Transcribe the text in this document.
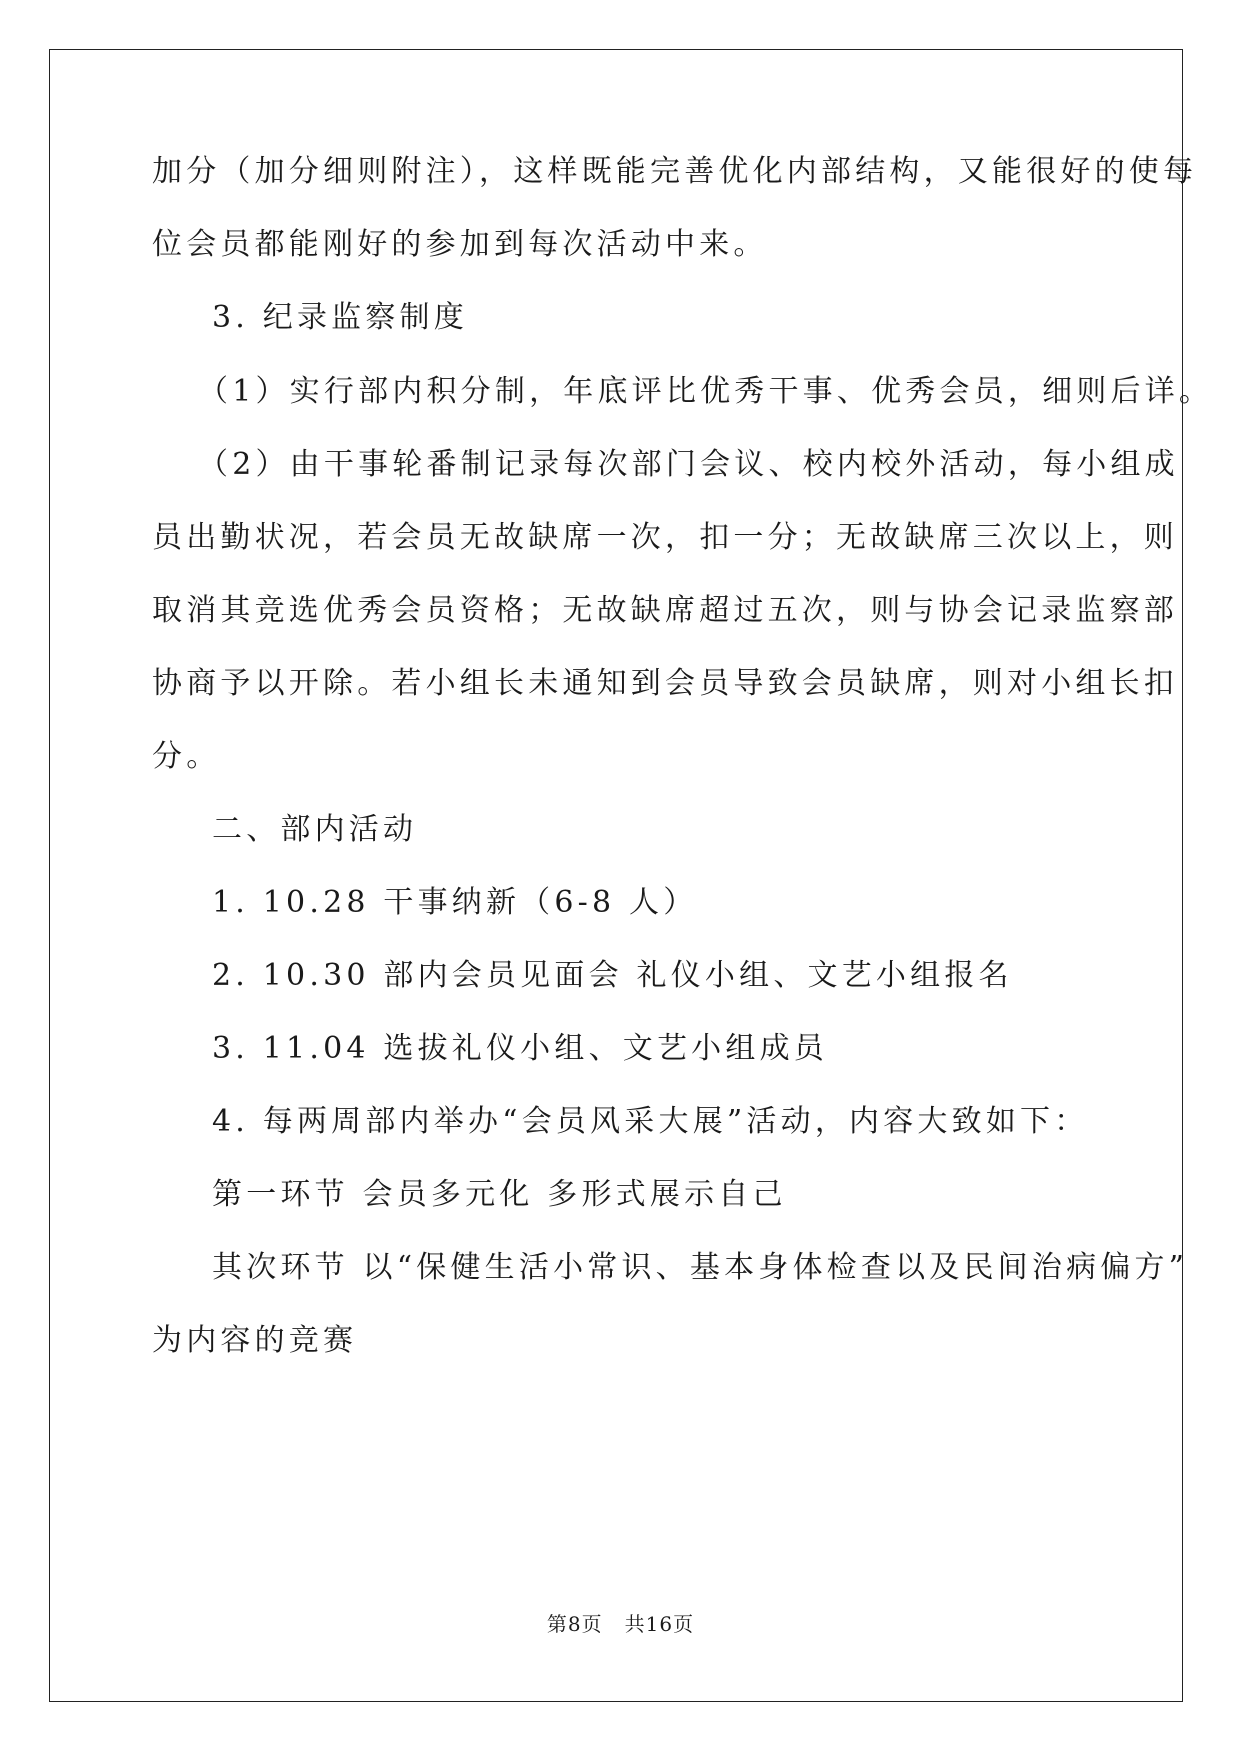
加分（加分细则附注），这样既能完善优化内部结构，又能很好的使每
位会员都能刚好的参加到每次活动中来。
3. 纪录监察制度
（1）实行部内积分制，年底评比优秀干事、优秀会员，细则后详。
（2）由干事轮番制记录每次部门会议、校内校外活动，每小组成
员出勤状况，若会员无故缺席一次，扣一分；无故缺席三次以上，则
取消其竞选优秀会员资格；无故缺席超过五次，则与协会记录监察部
协商予以开除。若小组长未通知到会员导致会员缺席，则对小组长扣
分。
二、部内活动
1. 10.28 干事纳新（6-8 人）
2. 10.30 部内会员见面会 礼仪小组、文艺小组报名
3. 11.04 选拔礼仪小组、文艺小组成员
4. 每两周部内举办“会员风采大展”活动，内容大致如下：
第一环节 会员多元化 多形式展示自己
其次环节 以“保健生活小常识、基本身体检查以及民间治病偏方”
为内容的竞赛
第8页 共16页
